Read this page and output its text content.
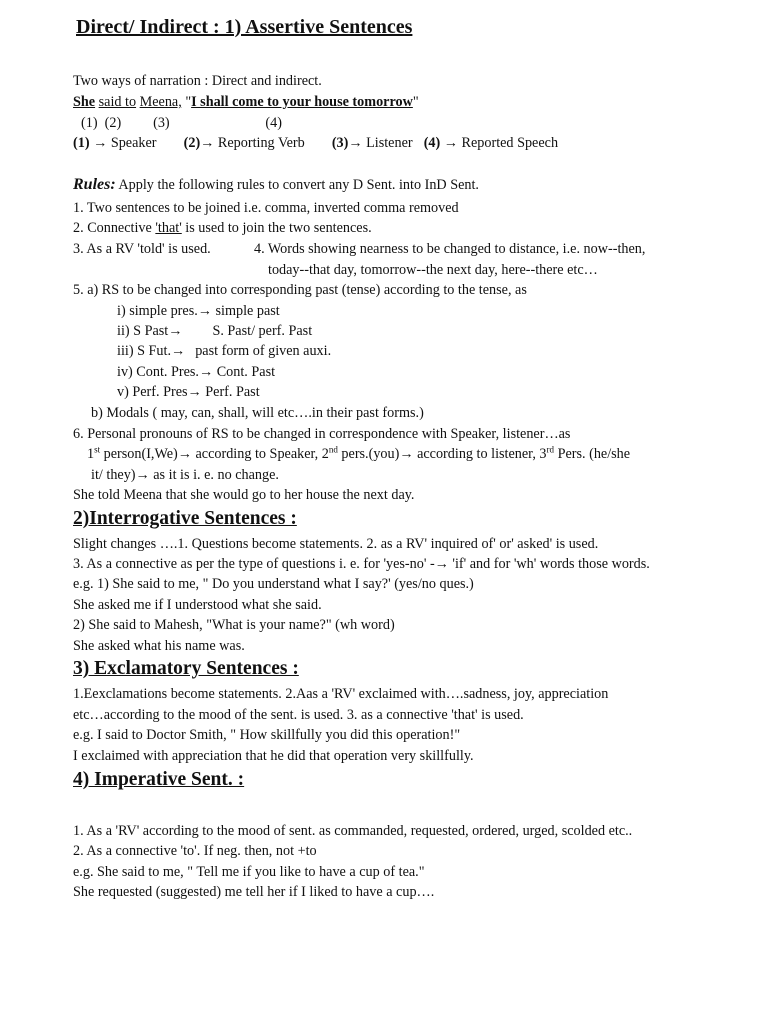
Direct/ Indirect : 1) Assertive Sentences
Two ways of narration : Direct and indirect.
She said to Meena, "I shall come to your house tomorrow"
(1)  (2)         (3)                           (4)
(1) → Speaker (2)→ Reporting Verb (3)→ Listener (4) → Reported Speech
Rules: Apply the following rules to convert any D Sent. into InD Sent.
1. Two sentences to be joined i.e. comma, inverted comma removed
2. Connective 'that' is used to join the two sentences.
3. As a RV 'told' is used.	4. Words showing nearness to be changed to distance, i.e. now--then,
today--that day, tomorrow--the next day, here--there etc…
5. a) RS to be changed into corresponding past (tense) according to the tense, as
i) simple pres.→ simple past
ii) S Past→ S. Past/ perf. Past
iii) S Fut.→ past form of given auxi.
iv) Cont. Pres.→ Cont. Past
v) Perf. Pres→ Perf. Past
b) Modals ( may, can, shall, will etc….in their past forms.)
6. Personal pronouns of RS to be changed in correspondence with Speaker, listener…as
1st person(I,We)→ according to Speaker, 2nd pers.(you)→ according to listener, 3rd Pers. (he/she
it/ they)→ as it is i. e. no change.
She told Meena that she would go to her house the next day.
2)Interrogative Sentences :
Slight changes ….1. Questions become statements. 2. as a RV' inquired of' or' asked' is used.
3. As a connective as per the type of questions i. e. for 'yes-no' -→ 'if' and for 'wh' words those words.
e.g. 1) She said to me, " Do you understand what I say?' (yes/no ques.)
She asked me if I understood what she said.
2) She said to Mahesh, "What is your name?" (wh word)
She asked what his name was.
3) Exclamatory Sentences :
1.Eexclamations become statements. 2.Aas a 'RV' exclaimed with….sadness, joy, appreciation
etc…according to the mood of the sent. is used. 3. as a connective 'that' is used.
e.g. I said to Doctor Smith, " How skillfully you did this operation!"
I exclaimed with appreciation that he did that operation very skillfully.
4) Imperative Sent. :
1. As a 'RV' according to the mood of sent. as commanded, requested, ordered, urged, scolded etc..
2. As a connective 'to'. If neg. then, not +to
e.g. She said to me, " Tell me if you like to have a cup of tea."
She requested (suggested) me tell her if I liked to have a cup….
